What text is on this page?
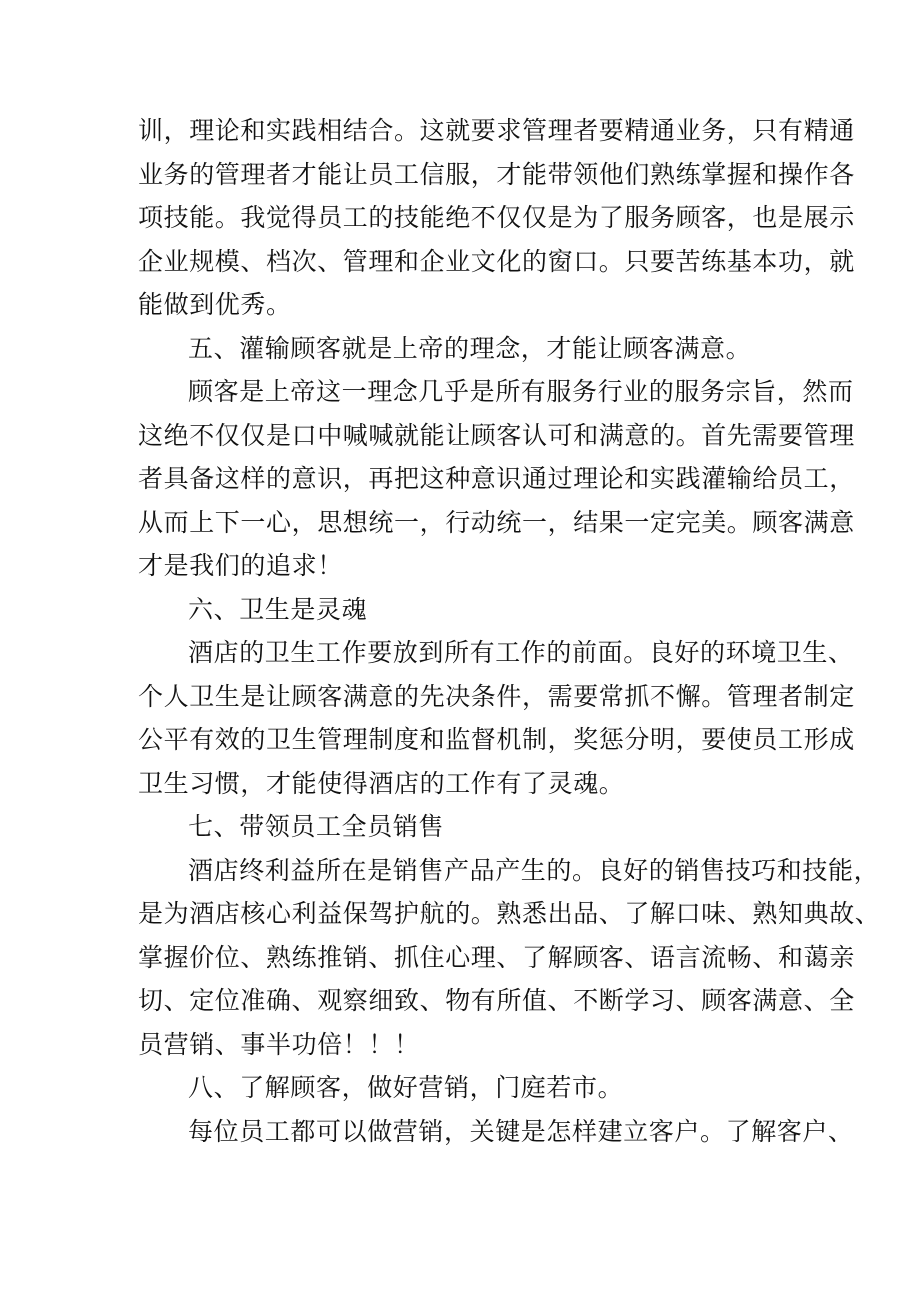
训，理论和实践相结合。这就要求管理者要精通业务，只有精通
业务的管理者才能让员工信服，才能带领他们熟练掌握和操作各
项技能。我觉得员工的技能绝不仅仅是为了服务顾客，也是展示
企业规模、档次、管理和企业文化的窗口。只要苦练基本功，就
能做到优秀。
五、灌输顾客就是上帝的理念，才能让顾客满意。
顾客是上帝这一理念几乎是所有服务行业的服务宗旨，然而
这绝不仅仅是口中喊喊就能让顾客认可和满意的。首先需要管理
者具备这样的意识，再把这种意识通过理论和实践灌输给员工，
从而上下一心，思想统一，行动统一，结果一定完美。顾客满意
才是我们的追求！
六、卫生是灵魂
酒店的卫生工作要放到所有工作的前面。良好的环境卫生、
个人卫生是让顾客满意的先决条件，需要常抓不懈。管理者制定
公平有效的卫生管理制度和监督机制，奖惩分明，要使员工形成
卫生习惯，才能使得酒店的工作有了灵魂。
七、带领员工全员销售
酒店终利益所在是销售产品产生的。良好的销售技巧和技能，
是为酒店核心利益保驾护航的。熟悉出品、了解口味、熟知典故、
掌握价位、熟练推销、抓住心理、了解顾客、语言流畅、和蔼亲
切、定位准确、观察细致、物有所值、不断学习、顾客满意、全
员营销、事半功倍！！！
八、了解顾客，做好营销，门庭若市。
每位员工都可以做营销，关键是怎样建立客户。了解客户、
